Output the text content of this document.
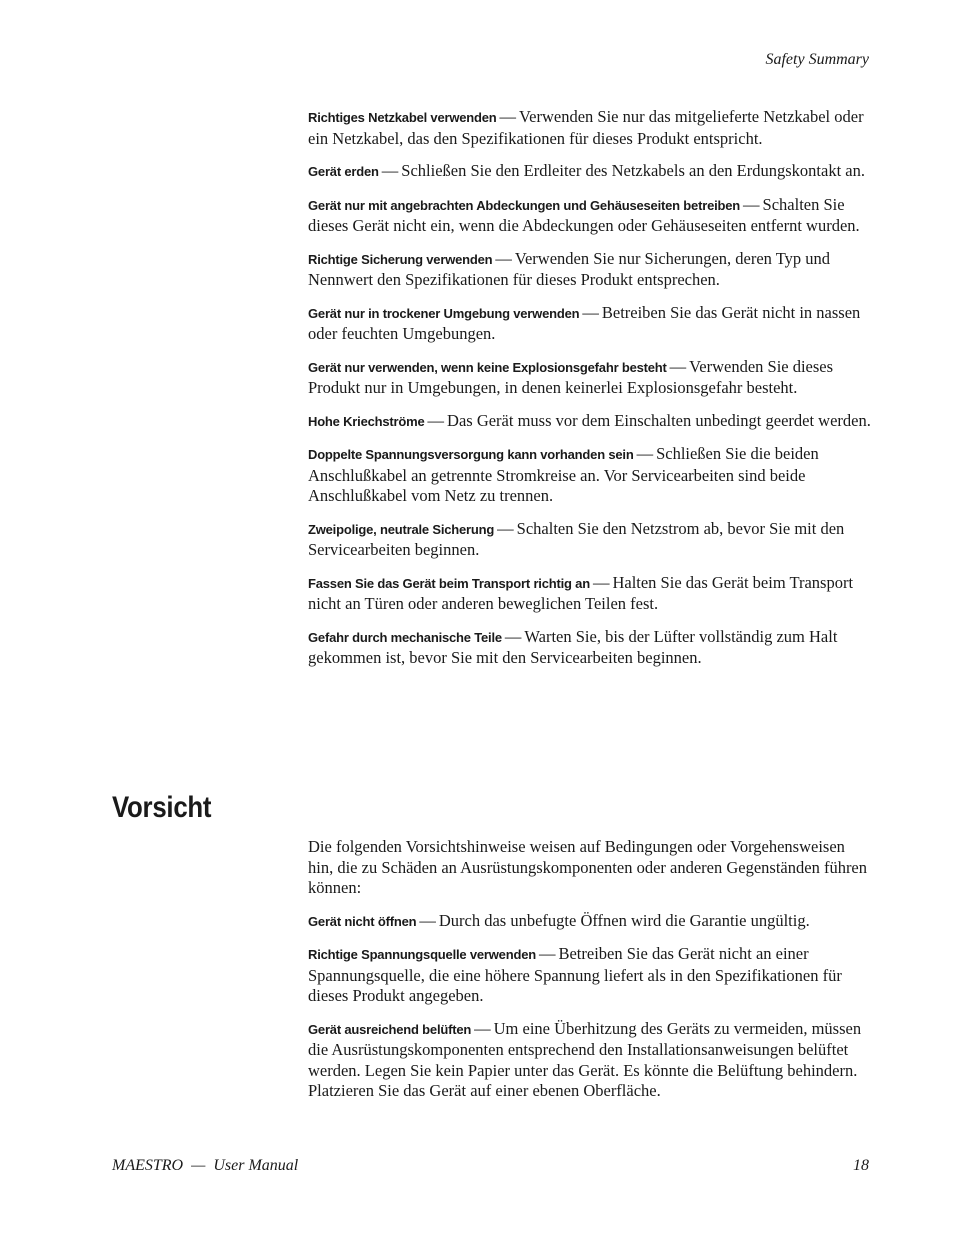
Safety Summary

Richtiges Netzkabel verwenden — Verwenden Sie nur das mitgelieferte Netzkabel oder ein Netzkabel, das den Spezifikationen für dieses Produkt entspricht.

Gerät erden — Schließen Sie den Erdleiter des Netzkabels an den Erdungskontakt an.

Gerät nur mit angebrachten Abdeckungen und Gehäuseseiten betreiben — Schalten Sie dieses Gerät nicht ein, wenn die Abdeckungen oder Gehäuseseiten entfernt wurden.

Richtige Sicherung verwenden — Verwenden Sie nur Sicherungen, deren Typ und Nennwert den Spezifikationen für dieses Produkt entsprechen.

Gerät nur in trockener Umgebung verwenden — Betreiben Sie das Gerät nicht in nassen oder feuchten Umgebungen.

Gerät nur verwenden, wenn keine Explosionsgefahr besteht — Verwenden Sie dieses Produkt nur in Umgebungen, in denen keinerlei Explosionsgefahr besteht.

Hohe Kriechströme — Das Gerät muss vor dem Einschalten unbedingt geerdet werden.

Doppelte Spannungsversorgung kann vorhanden sein — Schließen Sie die beiden Anschlußkabel an getrennte Stromkreise an. Vor Servicearbeiten sind beide Anschlußkabel vom Netz zu trennen.

Zweipolige, neutrale Sicherung — Schalten Sie den Netzstrom ab, bevor Sie mit den Servicearbeiten beginnen.

Fassen Sie das Gerät beim Transport richtig an — Halten Sie das Gerät beim Transport nicht an Türen oder anderen beweglichen Teilen fest.

Gefahr durch mechanische Teile — Warten Sie, bis der Lüfter vollständig zum Halt gekommen ist, bevor Sie mit den Servicearbeiten beginnen.

Vorsicht

Die folgenden Vorsichtshinweise weisen auf Bedingungen oder Vorgehensweisen hin, die zu Schäden an Ausrüstungskomponenten oder anderen Gegenständen führen können:

Gerät nicht öffnen — Durch das unbefugte Öffnen wird die Garantie ungültig.

Richtige Spannungsquelle verwenden — Betreiben Sie das Gerät nicht an einer Spannungsquelle, die eine höhere Spannung liefert als in den Spezifikationen für dieses Produkt angegeben.

Gerät ausreichend belüften — Um eine Überhitzung des Geräts zu vermeiden, müssen die Ausrüstungskomponenten entsprechend den Installationsanweisungen belüftet werden. Legen Sie kein Papier unter das Gerät. Es könnte die Belüftung behindern. Platzieren Sie das Gerät auf einer ebenen Oberfläche.

MAESTRO  —  User Manual	18
